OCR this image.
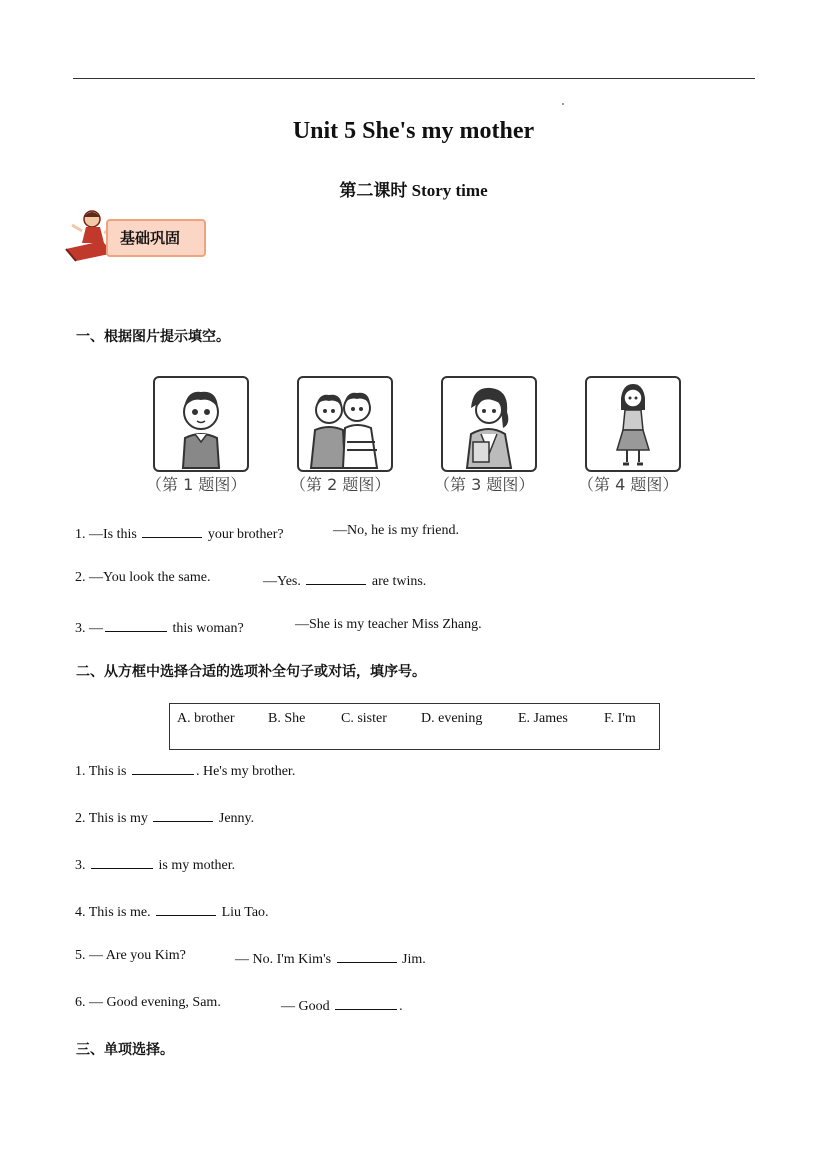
Unit 5 She's my mother
第二课时 Story time
基础巩固
一、根据图片提示填空。
（第 1 题图）	（第 2 题图）	（第 3 题图）	（第 4 题图）
1. —Is this	your brother?	—No, he is my friend.
2. —You look the same.	—Yes.	are twins.
3. —	this woman?	—She is my teacher Miss Zhang.
二、从方框中选择合适的选项补全句子或对话，填序号。
A. brother B. She	C. sister D. evening	E. James	F. I'm
1. This is	. He's my brother.
2. This is my	Jenny.
3.	is my mother.
4. This is me.	Liu Tao.
5. — Are you Kim?	— No. I'm Kim's	Jim.
6. — Good evening, Sam.	— Good	.
三、单项选择。
